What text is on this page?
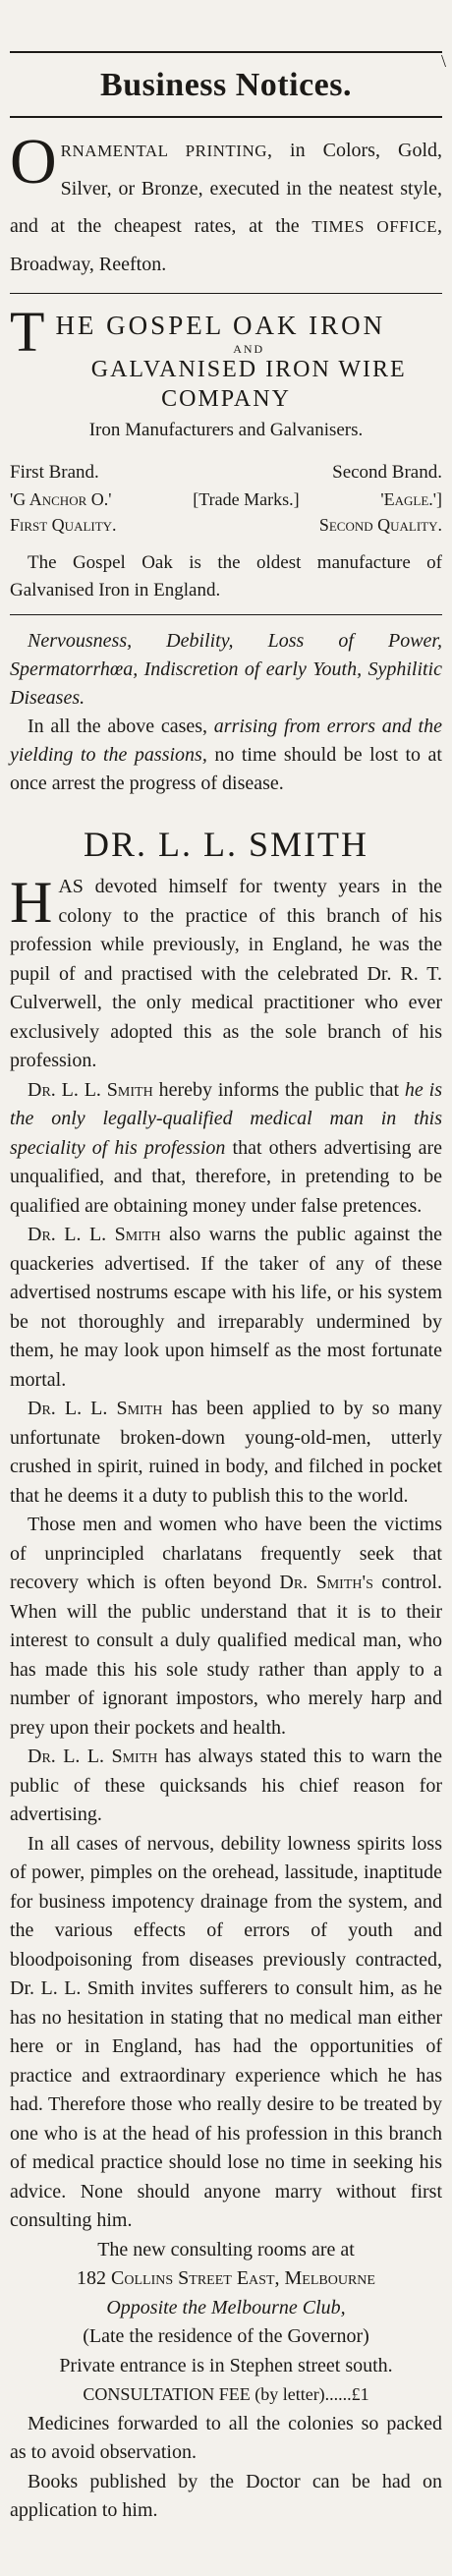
\
Business Notices.
ORNAMENTAL PRINTING, in Colors, Gold, Silver, or Bronze, executed in the neatest style, and at the cheapest rates, at the TIMES OFFICE, Broadway, Reefton.
THE GOSPEL OAK IRON
AND
GALVANISED IRON WIRE COMPANY
Iron Manufacturers and Galvanisers.
First Brand.	Second Brand.
'G Anchor O.'	[Trade Marks.]	'Eagle.']
First Quality.	Second Quality.
The Gospel Oak is the oldest manufacture of Galvanised Iron in England.
Nervousness, Debility, Loss of Power, Spermatorrhœa, Indiscretion of early Youth, Syphilitic Diseases.

In all the above cases, arrising from errors and the yielding to the passions, no time should be lost to at once arrest the progress of disease.

DR. L. L. SMITH

HAS devoted himself for twenty years in the colony to the practice of this branch of his profession while previously, in England, he was the pupil of and practised with the celebrated Dr. R. T. Culverwell, the only medical practitioner who ever exclusively adopted this as the sole branch of his profession.

Dr. L. L. Smith hereby informs the public that he is the only legally-qualified medical man in this speciality of his profession that others advertising are unqualified, and that, therefore, in pretending to be qualified are obtaining money under false pretences.

Dr. L. L. Smith also warns the public against the quackeries advertised. If the taker of any of these advertised nostrums escape with his life, or his system be not thoroughly and irreparably undermined by them, he may look upon himself as the most fortunate mortal.

Dr. L. L. Smith has been applied to by so many unfortunate broken-down young-old-men, utterly crushed in spirit, ruined in body, and filched in pocket that he deems it a duty to publish this to the world.

Those men and women who have been the victims of unprincipled charlatans frequently seek that recovery which is often beyond Dr. Smith's control. When will the public understand that it is to their interest to consult a duly qualified medical man, who has made this his sole study rather than apply to a number of ignorant impostors, who merely harp and prey upon their pockets and health.

Dr. L. L. Smith has always stated this to warn the public of these quicksands his chief reason for advertising.

In all cases of nervous, debility lowness spirits loss of power, pimples on the orehead, lassitude, inaptitude for business impotency drainage from the system, and the various effects of errors of youth and bloodpoisoning from diseases previously contracted, Dr. L. L. Smith invites sufferers to consult him, as he has no hesitation in stating that no medical man either here or in England, has had the opportunities of practice and extraordinary experience which he has had. Therefore those who really desire to be treated by one who is at the head of his profession in this branch of medical practice should lose no time in seeking his advice. None should anyone marry without first consulting him.

The new consulting rooms are at

182 Collins Street East, Melbourne

Opposite the Melbourne Club,

(Late the residence of the Governor)

Private entrance is in Stephen street south.

CONSULTATION FEE (by letter)......£1

Medicines forwarded to all the colonies so packed as to avoid observation.

Books published by the Doctor can be had on application to him.
